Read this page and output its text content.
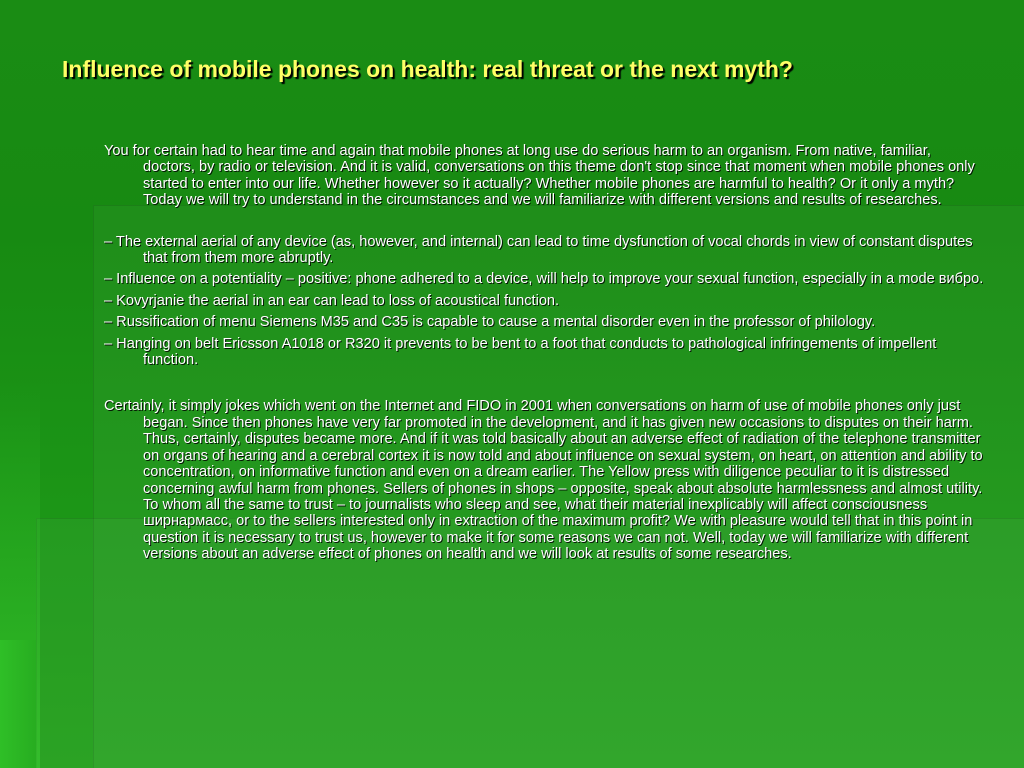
Influence of mobile phones on health: real threat or the next myth?

You for certain had to hear time and again that mobile phones at long use do serious harm to an organism. From native, familiar, doctors, by radio or television. And it is valid, conversations on this theme don't stop since that moment when mobile phones only started to enter into our life. Whether however so it actually? Whether mobile phones are harmful to health? Or it only a myth? Today we will try to understand in the circumstances and we will familiarize with different versions and results of researches.

– The external aerial of any device (as, however, and internal) can lead to time dysfunction of vocal chords in view of constant disputes that from them more abruptly.
– Influence on a potentiality – positive: phone adhered to a device, will help to improve your sexual function, especially in a mode вибро.
– Kovyrjanie the aerial in an ear can lead to loss of acoustical function.
– Russification of menu Siemens M35 and C35 is capable to cause a mental disorder even in the professor of philology.
– Hanging on belt Ericsson A1018 or R320 it prevents to be bent to a foot that conducts to pathological infringements of impellent function.

Certainly, it simply jokes which went on the Internet and FIDO in 2001 when conversations on harm of use of mobile phones only just began. Since then phones have very far promoted in the development, and it has given new occasions to disputes on their harm. Thus, certainly, disputes became more. And if it was told basically about an adverse effect of radiation of the telephone transmitter on organs of hearing and a cerebral cortex it is now told and about influence on sexual system, on heart, on attention and ability to concentration, on informative function and even on a dream earlier. The Yellow press with diligence peculiar to it is distressed concerning awful harm from phones. Sellers of phones in shops – opposite, speak about absolute harmlessness and almost utility. To whom all the same to trust – to journalists who sleep and see, what their material inexplicably will affect consciousness ширнармасс, or to the sellers interested only in extraction of the maximum profit? We with pleasure would tell that in this point in question it is necessary to trust us, however to make it for some reasons we can not. Well, today we will familiarize with different versions about an adverse effect of phones on health and we will look at results of some researches.
